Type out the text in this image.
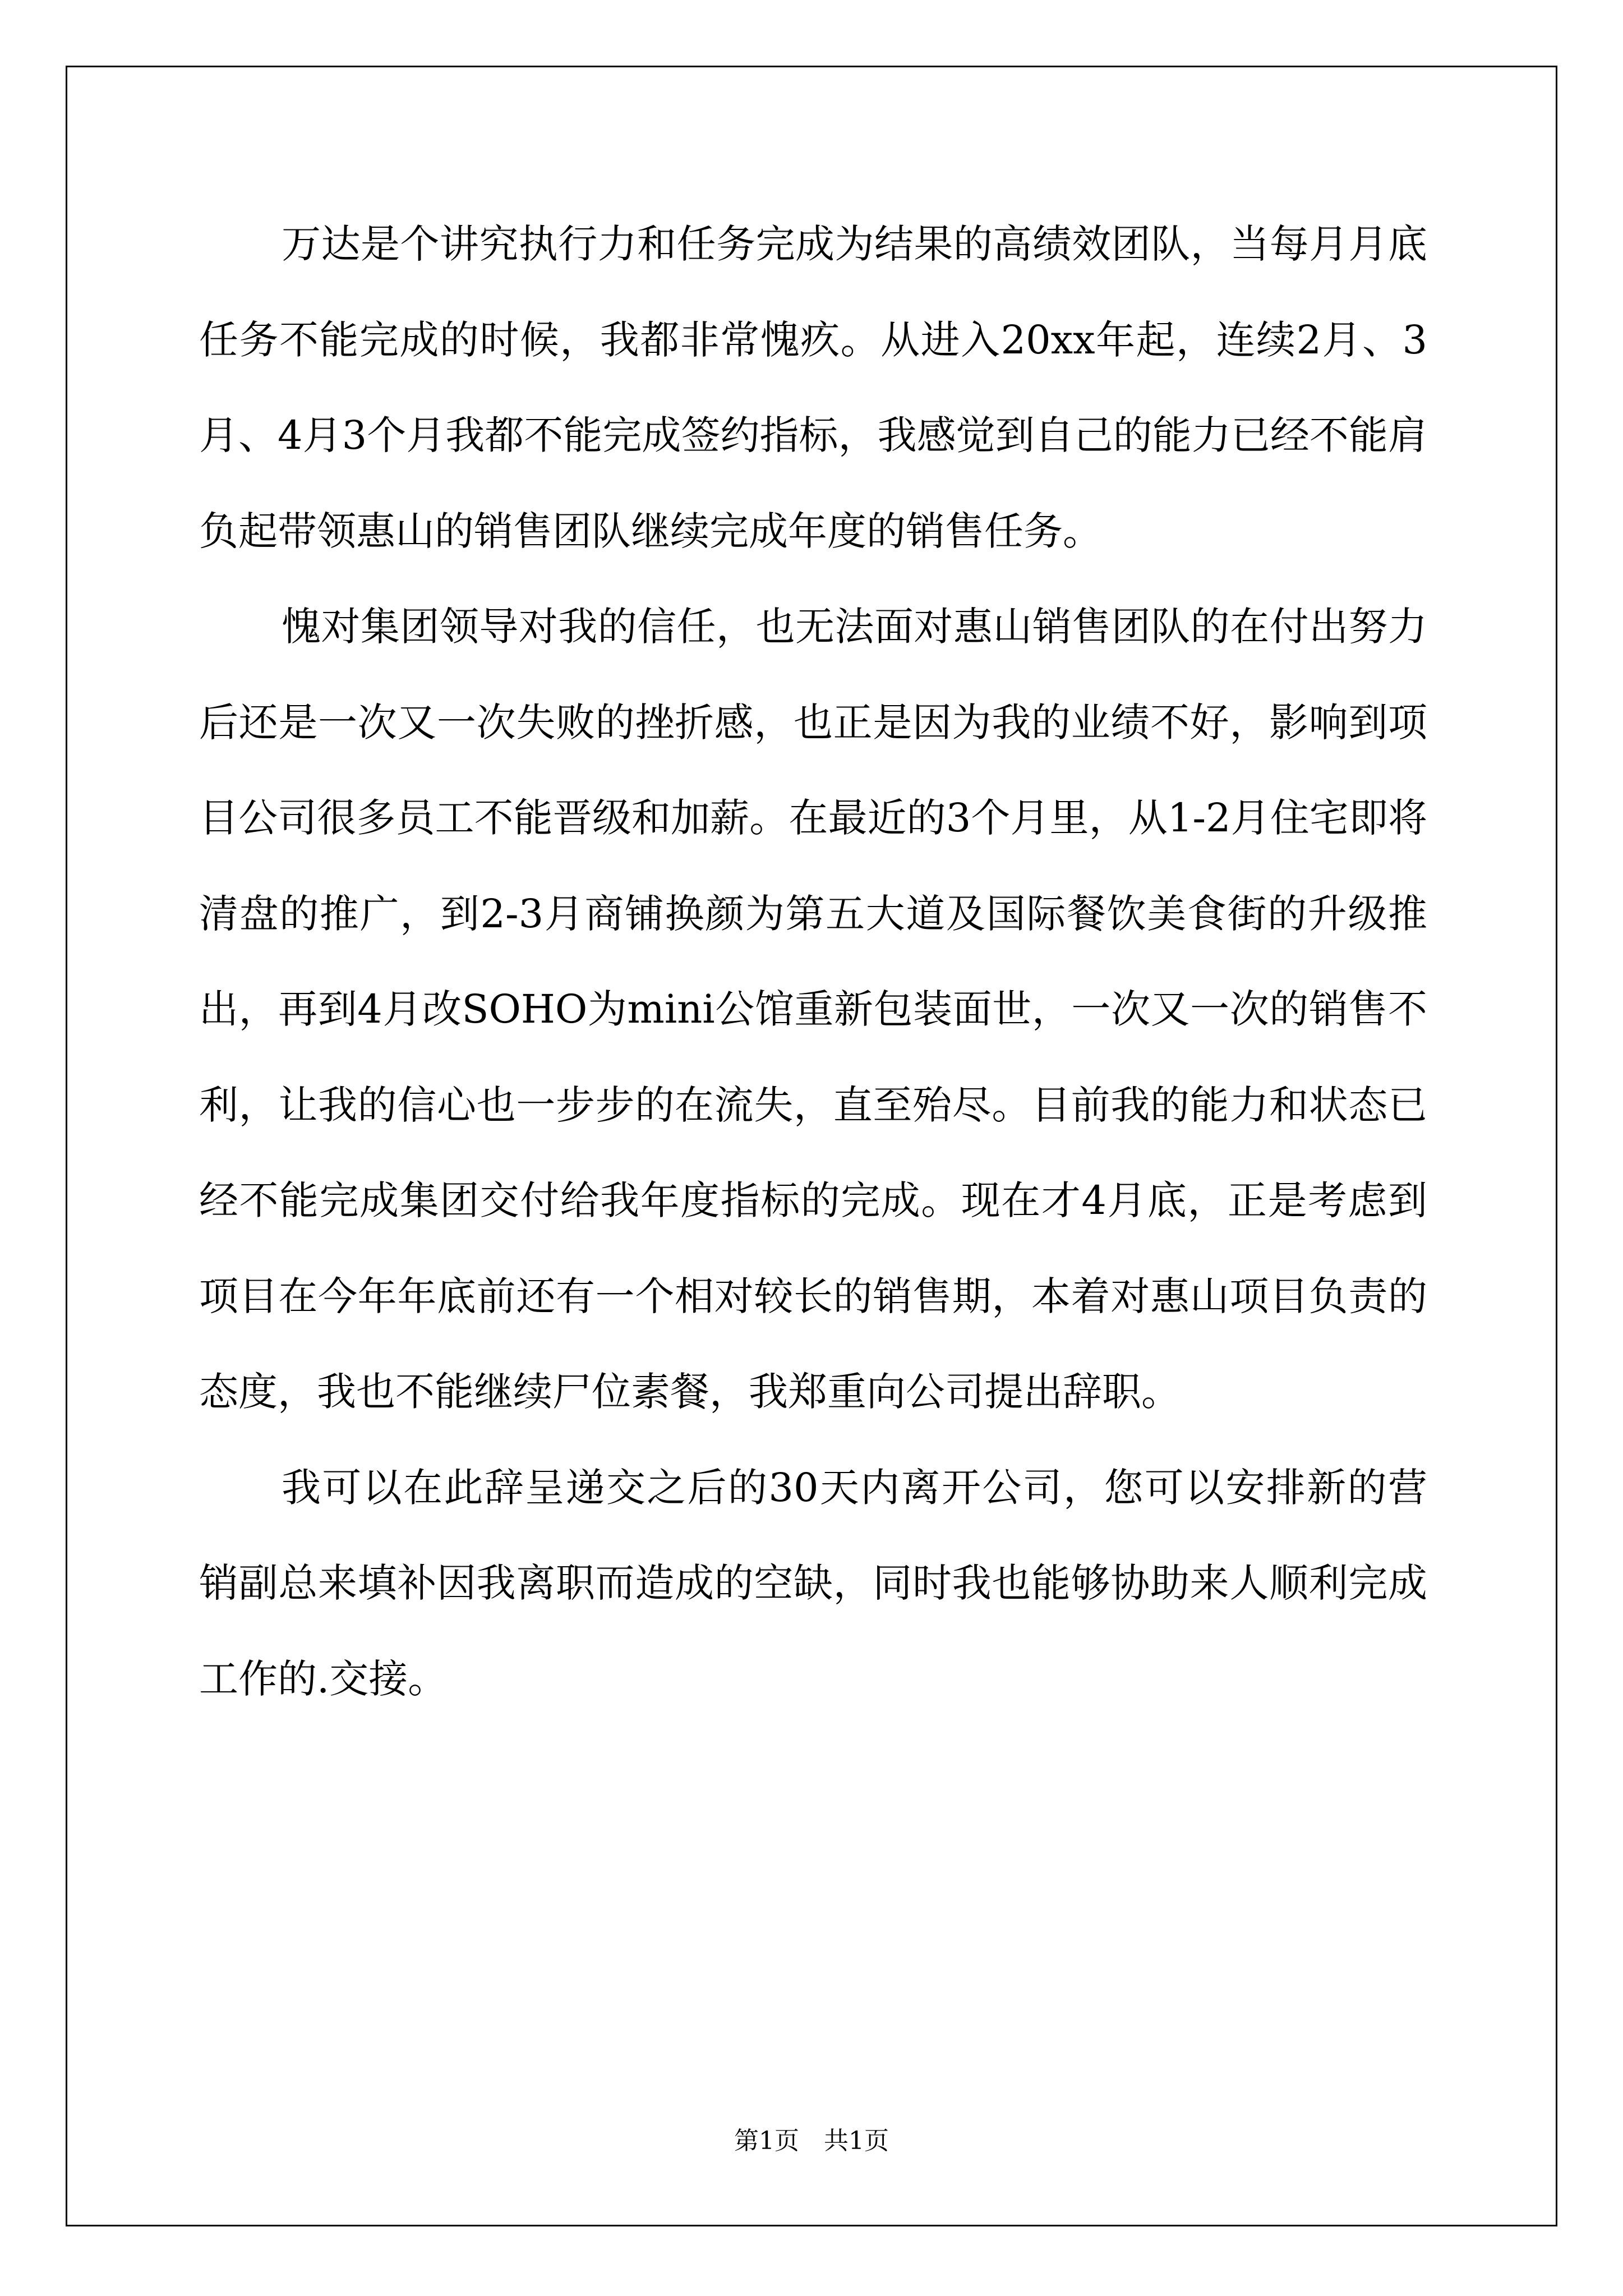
万达是个讲究执行力和任务完成为结果的高绩效团队，当每月月底任务不能完成的时候，我都非常愧疚。从进入20xx年起，连续2月、3月、4月3个月我都不能完成签约指标，我感觉到自己的能力已经不能肩负起带领惠山的销售团队继续完成年度的销售任务。

愧对集团领导对我的信任，也无法面对惠山销售团队的在付出努力后还是一次又一次失败的挫折感，也正是因为我的业绩不好，影响到项目公司很多员工不能晋级和加薪。在最近的3个月里，从1-2月住宅即将清盘的推广，到2-3月商铺换颜为第五大道及国际餐饮美食街的升级推出，再到4月改SOHO为mini公馆重新包装面世，一次又一次的销售不利，让我的信心也一步步的在流失，直至殆尽。目前我的能力和状态已经不能完成集团交付给我年度指标的完成。现在才4月底，正是考虑到项目在今年年底前还有一个相对较长的销售期，本着对惠山项目负责的态度，我也不能继续尸位素餐，我郑重向公司提出辞职。

我可以在此辞呈递交之后的30天内离开公司，您可以安排新的营销副总来填补因我离职而造成的空缺，同时我也能够协助来人顺利完成工作的.交接。

第1页　共1页
